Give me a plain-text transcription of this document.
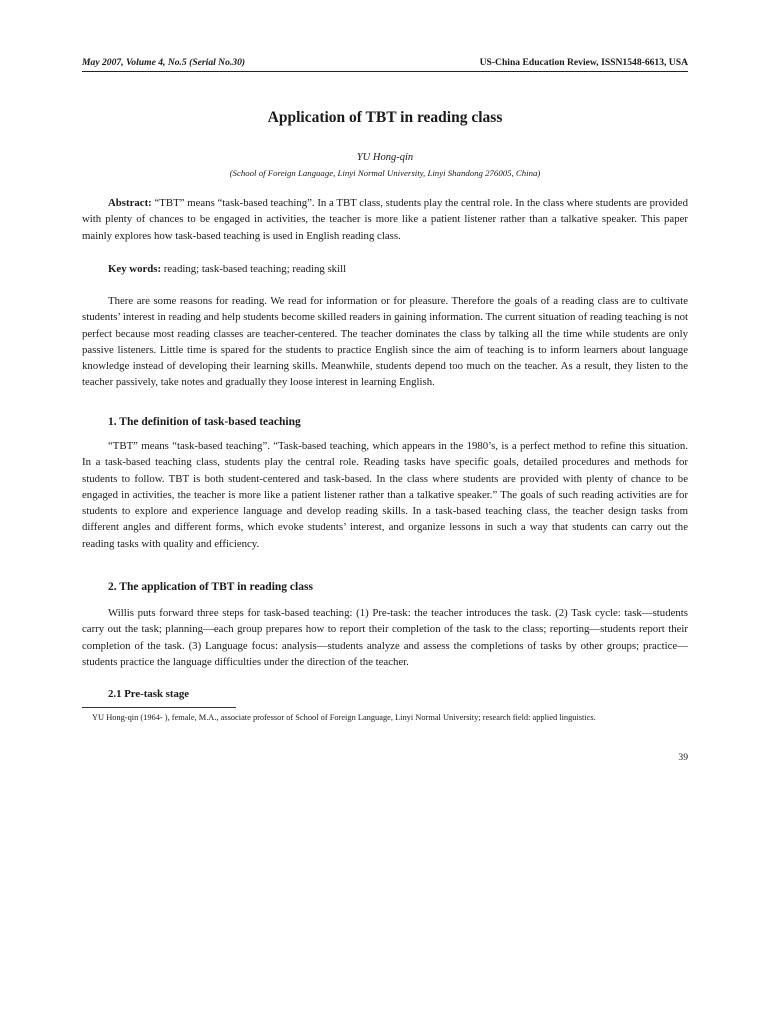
May 2007, Volume 4, No.5 (Serial No.30)	US-China Education Review, ISSN1548-6613, USA
Application of TBT in reading class
YU Hong-qin
(School of Foreign Language, Linyi Normal University, Linyi Shandong 276005, China)

Abstract: “TBT” means “task-based teaching”. In a TBT class, students play the central role. In the class where students are provided with plenty of chances to be engaged in activities, the teacher is more like a patient listener rather than a talkative speaker. This paper mainly explores how task-based teaching is used in English reading class.

Key words: reading; task-based teaching; reading skill

There are some reasons for reading. We read for information or for pleasure. Therefore the goals of a reading class are to cultivate students’ interest in reading and help students become skilled readers in gaining information. The current situation of reading teaching is not perfect because most reading classes are teacher-centered. The teacher dominates the class by talking all the time while students are only passive listeners. Little time is spared for the students to practice English since the aim of teaching is to inform learners about language knowledge instead of developing their learning skills. Meanwhile, students depend too much on the teacher. As a result, they listen to the teacher passively, take notes and gradually they loose interest in learning English.

1. The definition of task-based teaching

“TBT” means “task-based teaching”. “Task-based teaching, which appears in the 1980’s, is a perfect method to refine this situation. In a task-based teaching class, students play the central role. Reading tasks have specific goals, detailed procedures and methods for students to follow. TBT is both student-centered and task-based. In the class where students are provided with plenty of chance to be engaged in activities, the teacher is more like a patient listener rather than a talkative speaker.” The goals of such reading activities are for students to explore and experience language and develop reading skills. In a task-based teaching class, the teacher design tasks from different angles and different forms, which evoke students’ interest, and organize lessons in such a way that students can carry out the reading tasks with quality and efficiency.

2. The application of TBT in reading class

Willis puts forward three steps for task-based teaching: (1) Pre-task: the teacher introduces the task. (2) Task cycle: task—students carry out the task; planning—each group prepares how to report their completion of the task to the class; reporting—students report their completion of the task. (3) Language focus: analysis—students analyze and assess the completions of tasks by other groups; practice—students practice the language difficulties under the direction of the teacher.

2.1 Pre-task stage
YU Hong-qin (1964- ), female, M.A., associate professor of School of Foreign Language, Linyi Normal University; research field: applied linguistics.
39
